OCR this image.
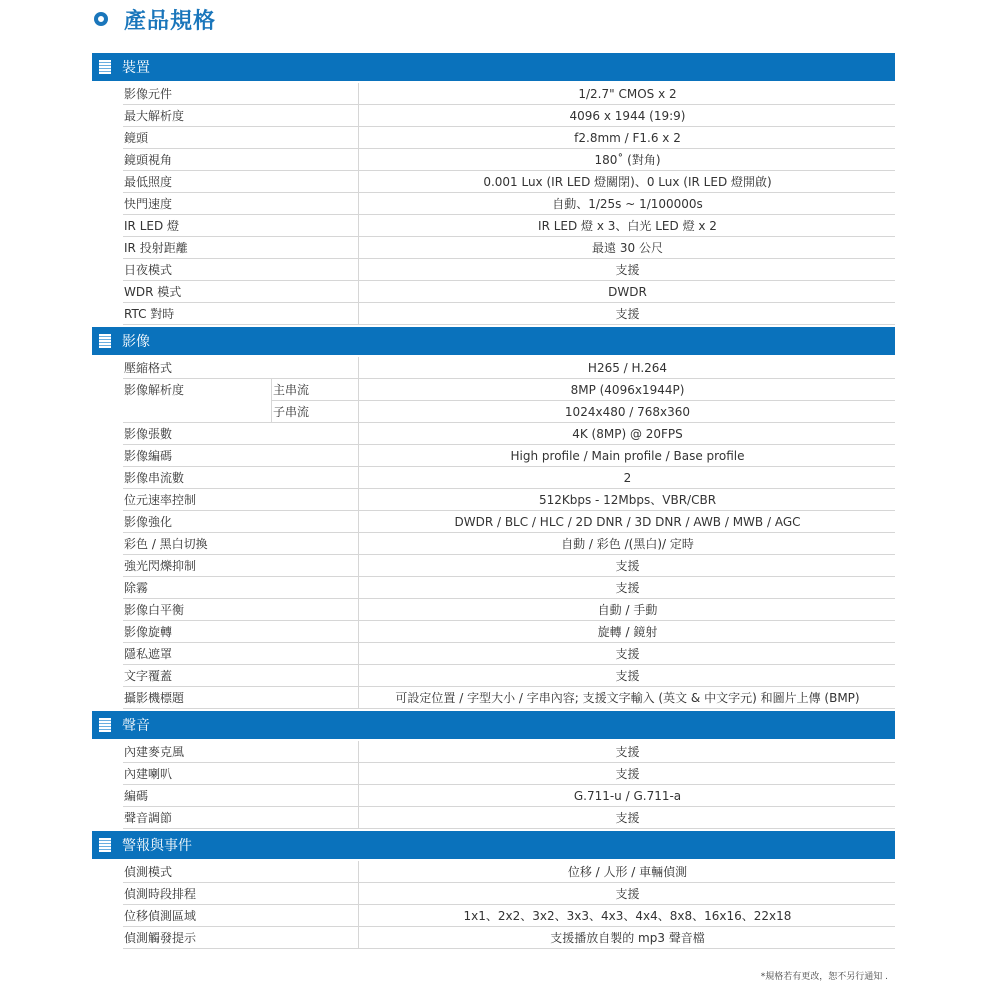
產品規格
裝置
影像元件	1/2.7" CMOS x 2
最大解析度	4096 x 1944 (19:9)
鏡頭	f2.8mm / F1.6 x 2
鏡頭視角	180˚ (對角)
最低照度	0.001 Lux (IR LED 燈關閉)、0 Lux (IR LED 燈開啟)
快門速度	自動、1/25s ~ 1/100000s
IR LED 燈	IR LED 燈 x 3、白光 LED 燈 x 2
IR 投射距離	最遠 30 公尺
日夜模式	支援
WDR 模式	DWDR
RTC 對時	支援
影像
壓縮格式	H265 / H.264
影像解析度	主串流	8MP (4096x1944P)
子串流	1024x480 / 768x360
影像張數	4K (8MP) @ 20FPS
影像編碼	High profile / Main profile / Base profile
影像串流數	2
位元速率控制	512Kbps - 12Mbps、VBR/CBR
影像強化	DWDR / BLC / HLC / 2D DNR / 3D DNR / AWB / MWB / AGC
彩色 / 黑白切換	自動 / 彩色 /(黑白)/ 定時
強光閃爍抑制	支援
除霧	支援
影像白平衡	自動 / 手動
影像旋轉	旋轉 / 鏡射
隱私遮罩	支援
文字覆蓋	支援
攝影機標題	可設定位置 / 字型大小 / 字串內容; 支援文字輸入 (英文 & 中文字元) 和圖片上傳 (BMP)
聲音
內建麥克風	支援
內建喇叭	支援
編碼	G.711-u / G.711-a
聲音調節	支援
警報與事件
偵測模式	位移 / 人形 / 車輛偵測
偵測時段排程	支援
位移偵測區域	1x1、2x2、3x2、3x3、4x3、4x4、8x8、16x16、22x18
偵測觸發提示	支援播放自製的 mp3 聲音檔
*規格若有更改，恕不另行通知 .
